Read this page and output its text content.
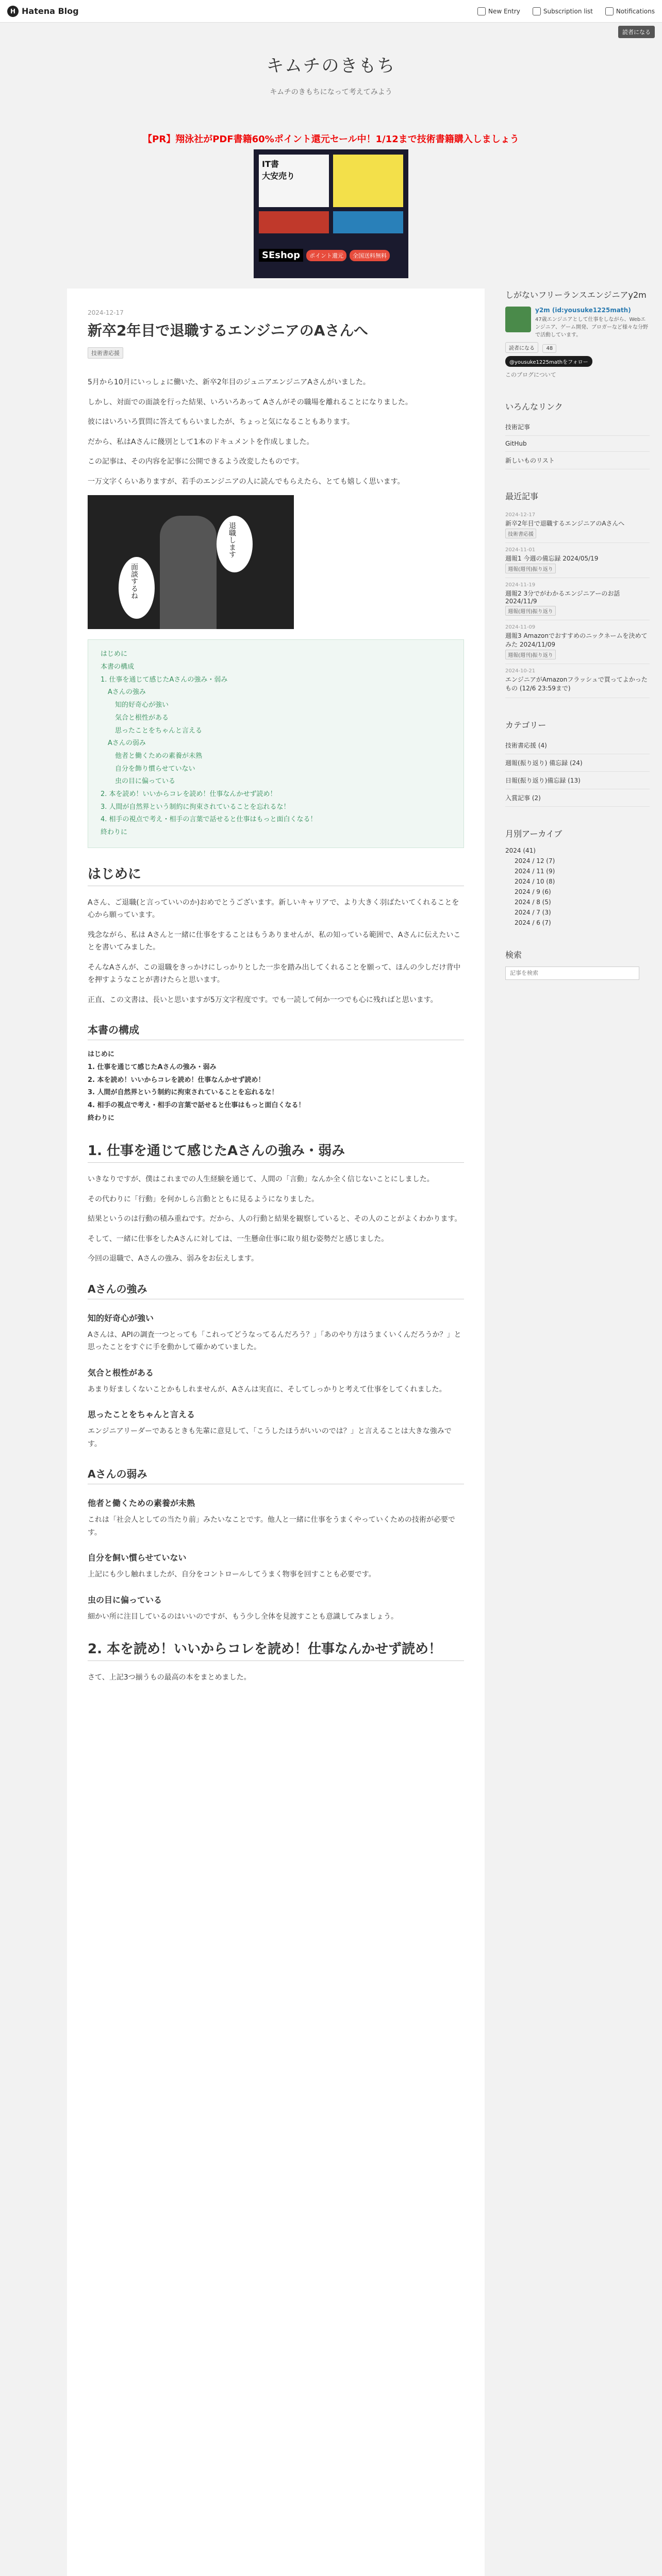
H Hatena Blog	New Entry	Subscription list	Notifications
読者になる
キムチのきもち
キムチのきもちになって考えてみよう
【PR】翔泳社がPDF書籍60%ポイント還元セール中！1/12まで技術書籍購入しましょう
IT書
大安売り
SEshop	ポイント還元	全国送料無料
2024-12-17
新卒2年目で退職するエンジニアのAさんへ
技術書応援

5月から10月にいっしょに働いた、新卒2年目のジュニアエンジニアAさんがいました。

しかし、対面での面談を行った結果、いろいろあって Aさんがその職場を離れることになりました。

彼にはいろいろ質問に答えてもらいましたが、ちょっと気になることもあります。

だから、私はAさんに餞別として1本のドキュメントを作成しました。

この記事は、その内容を記事に公開できるよう改変したものです。

一万文字くらいありますが、若手のエンジニアの人に読んでもらえたら、とても嬉しく思います。

面談するね
退職します
はじめに
本書の構成
1. 仕事を通じて感じたAさんの強み・弱み
Aさんの強み
知的好奇心が強い
気合と根性がある
思ったことをちゃんと言える
Aさんの弱み
他者と働くための素養が未熟
自分を飾り慣らせていない
虫の目に偏っている
2. 本を読め！いいからコレを読め！仕事なんかせず読め！
3. 人間が自然界という制約に拘束されていることを忘れるな！
4. 相手の視点で考え・相手の言葉で話せると仕事はもっと面白くなる！
終わりに
はじめに

Aさん、ご退職(と言っていいのか)おめでとうございます。新しいキャリアで、より大きく羽ばたいてくれることを心から願っています。

残念ながら、私は Aさんと一緒に仕事をすることはもうありませんが、私の知っている範囲で、Aさんに伝えたいことを書いてみました。

そんなAさんが、この退職をきっかけにしっかりとした一歩を踏み出してくれることを願って、ほんの少しだけ背中を押すようなことが書けたらと思います。

正直、この文書は、長いと思いますが5万文字程度です。でも一読して何か一つでも心に残ればと思います。

本書の構成
はじめに
1. 仕事を通じて感じたAさんの強み・弱み
2. 本を読め！いいからコレを読め！仕事なんかせず読め！
3. 人間が自然界という制約に拘束されていることを忘れるな！
4. 相手の視点で考え・相手の言葉で話せると仕事はもっと面白くなる！
終わりに
1. 仕事を通じて感じたAさんの強み・弱み

いきなりですが、僕はこれまでの人生経験を通じて、人間の「言動」なんか全く信じないことにしました。

その代わりに「行動」を何かしら言動とともに見るようになりました。

結果というのは行動の積み重ねです。だから、人の行動と結果を観察していると、その人のことがよくわかります。

そして、一緒に仕事をしたAさんに対しては、一生懸命仕事に取り組む姿勢だと感じました。

今回の退職で、Aさんの強み、弱みをお伝えします。

Aさんの強み
知的好奇心が強い

Aさんは、APIの調査一つとっても「これってどうなってるんだろう？」「あのやり方はうまくいくんだろうか？」と思ったことをすぐに手を動かして確かめていました。

気合と根性がある

あまり好ましくないことかもしれませんが、Aさんは実直に、そしてしっかりと考えて仕事をしてくれました。

思ったことをちゃんと言える

エンジニアリーダーであるときも先輩に意見して、「こうしたほうがいいのでは？」と言えることは大きな強みです。

Aさんの弱み
他者と働くための素養が未熟

これは「社会人としての当たり前」みたいなことです。他人と一緒に仕事をうまくやっていくための技術が必要です。

自分を飼い慣らせていない

上記にも少し触れましたが、自分をコントロールしてうまく物事を回すことも必要です。

虫の目に偏っている

細かい所に注目しているのはいいのですが、もう少し全体を見渡すことも意識してみましょう。

2. 本を読め！いいからコレを読め！仕事なんかせず読め！

さて、上記3つ揃うもの最高の本をまとめました。

しがないフリーランスエンジニアy2m
y2m (id:yousuke1225math)
47歳エンジニアとして仕事をしながら、Webエンジニア、ゲーム開発、ブロガーなど様々な分野で活動しています。
読者になる 48
@yousuke1225mathをフォロー
このブログについて
いろんなリンク
技術記事
GitHub
新しいものリスト
最近記事
2024-12-17
新卒2年目で退職するエンジニアのAさんへ
技術書応援
2024-11-01
週報1 今週の備忘録 2024/05/19
週報(週刊)振り返り
2024-11-19
週報2 3分でがわかるエンジニアーのお話 2024/11/9
週報(週刊)振り返り
2024-11-09
週報3 Amazonでおすすめのニックネームを決めてみた 2024/11/09
週報(週刊)振り返り
2024-10-21
エンジニアがAmazonフラッシュで買ってよかったもの (12/6 23:59まで)
カテゴリー
技術書応援 (4)
週報(振り返り) 備忘録 (24)
日報(振り返り)備忘録 (13)
入賞記事 (2)
月別アーカイブ
2024 (41)
2024 / 12 (7)
2024 / 11 (9)
2024 / 10 (8)
2024 / 9 (6)
2024 / 8 (5)
2024 / 7 (3)
2024 / 6 (7)
検索
記事を検索
